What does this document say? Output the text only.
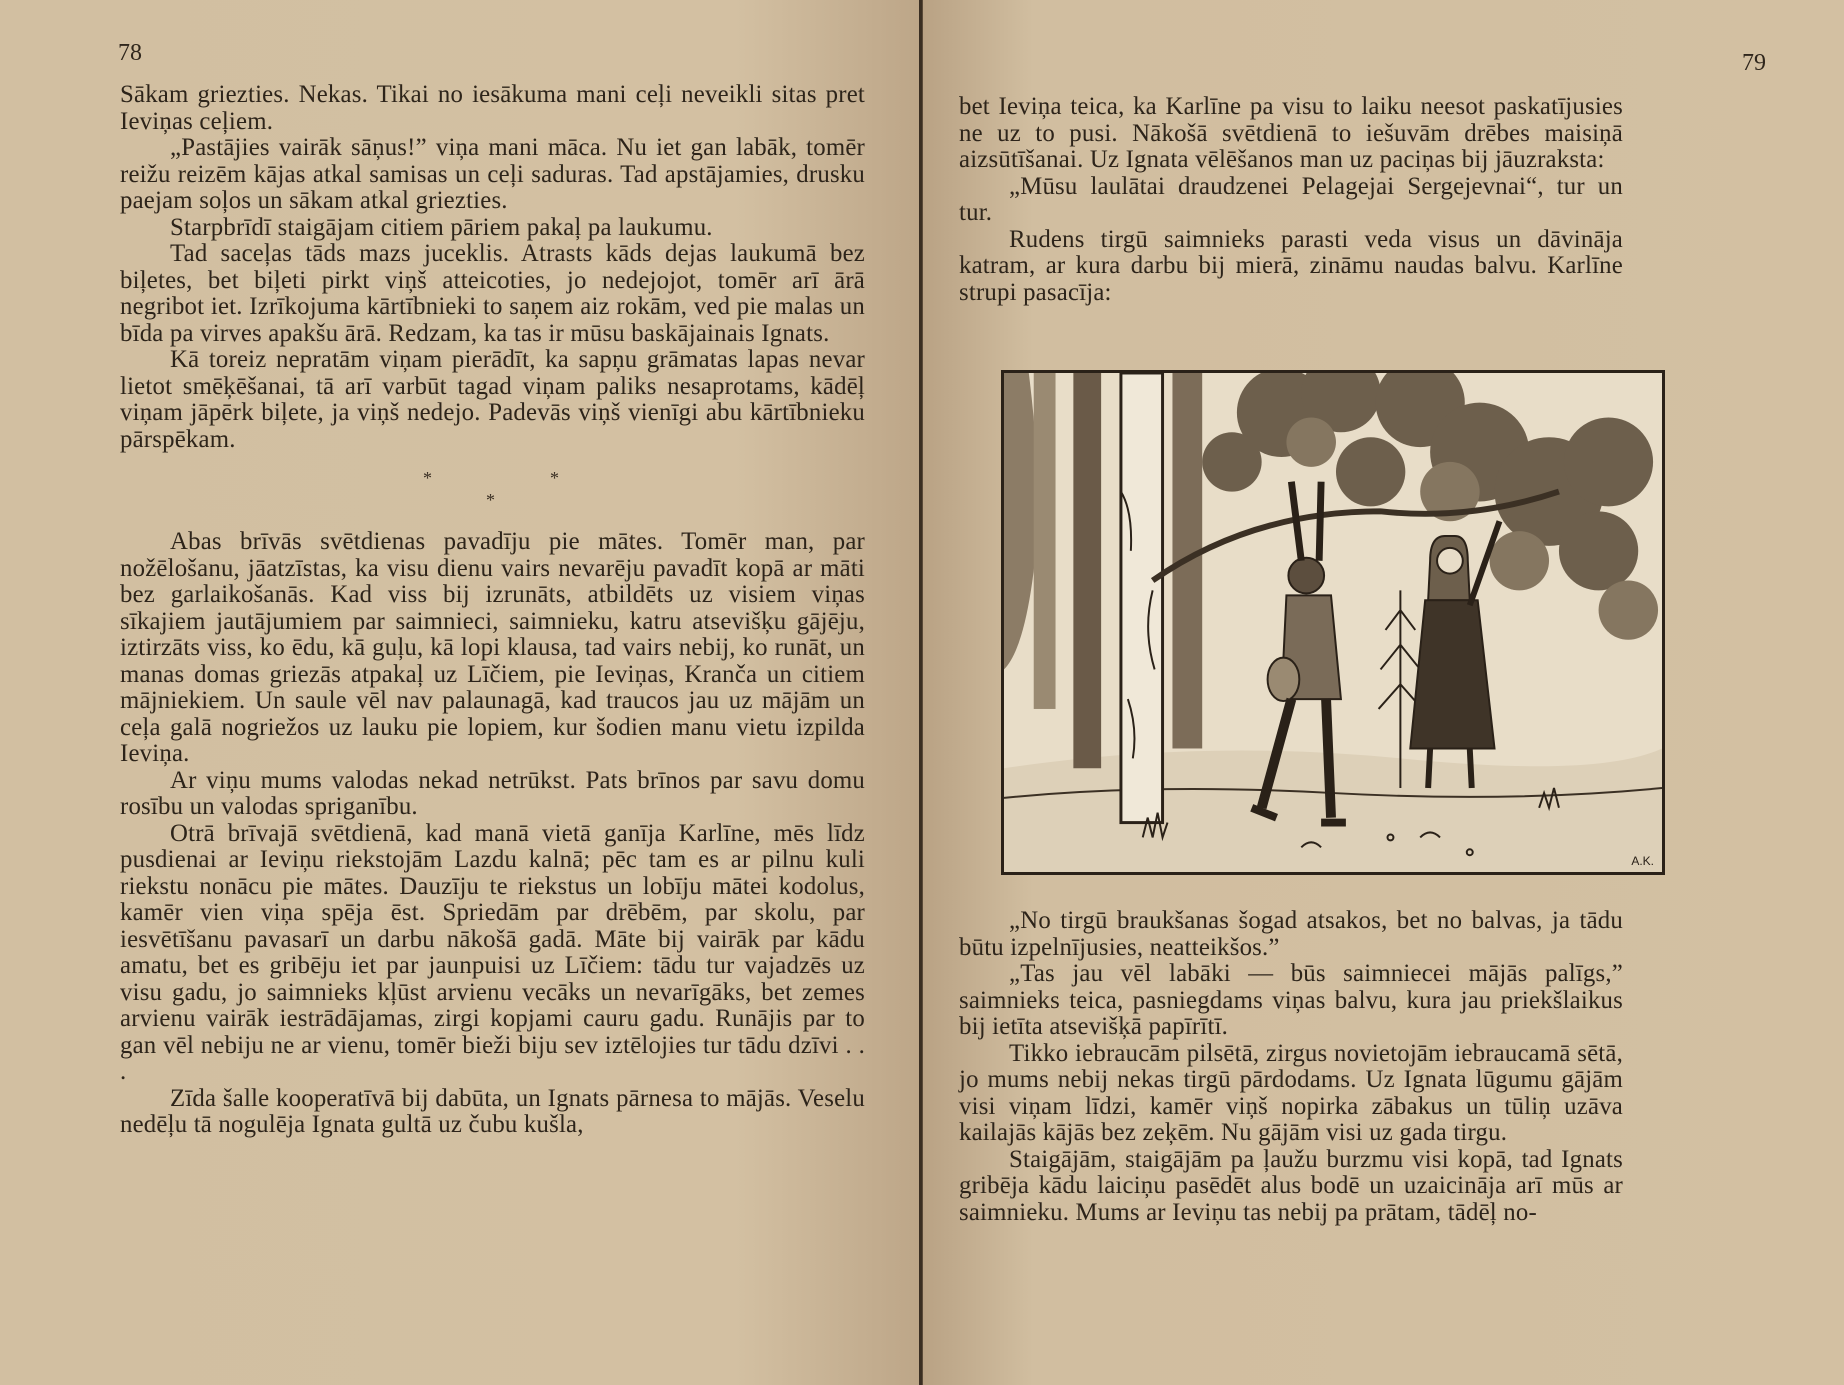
78

Sākam griezties. Nekas. Tikai no iesākuma mani ceļi neveikli sitas pret Ieviņas ceļiem.

„Pastājies vairāk sāņus!” viņa mani māca. Nu iet gan labāk, tomēr reižu reizēm kājas atkal samisas un ceļi saduras. Tad apstājamies, drusku paejam soļos un sākam atkal griezties.

Starpbrīdī staigājam citiem pāriem pakaļ pa laukumu.

Tad saceļas tāds mazs juceklis. Atrasts kāds dejas laukumā bez biļetes, bet biļeti pirkt viņš atteicoties, jo nedejojot, tomēr arī ārā negribot iet. Izrīkojuma kārtībnieki to saņem aiz rokām, ved pie malas un bīda pa virves apakšu ārā. Redzam, ka tas ir mūsu baskājainais Ignats.

Kā toreiz nepratām viņam pierādīt, ka sapņu grāmatas lapas nevar lietot smēķēšanai, tā arī varbūt tagad viņam paliks nesaprotams, kādēļ viņam jāpērk biļete, ja viņš nedejo. Padevās viņš vienīgi abu kārtībnieku pārspēkam.

*	*
*

Abas brīvās svētdienas pavadīju pie mātes. Tomēr man, par nožēlošanu, jāatzīstas, ka visu dienu vairs nevarēju pavadīt kopā ar māti bez garlaikošanās. Kad viss bij izrunāts, atbildēts uz visiem viņas sīkajiem jautājumiem par saimnieci, saimnieku, katru atsevišķu gājēju, iztirzāts viss, ko ēdu, kā guļu, kā lopi klausa, tad vairs nebij, ko runāt, un manas domas griezās atpakaļ uz Līčiem, pie Ieviņas, Krančа un citiem mājniekiem. Un saule vēl nav palaunagā, kad traucos jau uz mājām un ceļa galā nogriežos uz lauku pie lopiem, kur šodien manu vietu izpilda Ieviņa.

Ar viņu mums valodas nekad netrūkst. Pats brīnos par savu domu rosību un valodas spriganību.

Otrā brīvajā svētdienā, kad manā vietā ganīja Karlīne, mēs līdz pusdienai ar Ieviņu riekstojām Lazdu kalnā; pēc tam es ar pilnu kuli riekstu nonācu pie mātes. Dauzīju te riekstus un lobīju mātei kodolus, kamēr vien viņa spēja ēst. Spriedām par drēbēm, par skolu, par iesvētīšanu pavasarī un darbu nākošā gadā. Māte bij vairāk par kādu amatu, bet es gribēju iet par jaunpuisi uz Līčiem: tādu tur vajadzēs uz visu gadu, jo saimnieks kļūst arvienu vecāks un nevarīgāks, bet zemes arvienu vairāk iestrādājamas, zirgi kopjami cauru gadu. Runājis par to gan vēl nebiju ne ar vienu, tomēr bieži biju sev iztēlojies tur tādu dzīvi . . .

Zīda šalle kooperatīvā bij dabūta, un Ignats pārnesa to mājās. Veselu nedēļu tā nogulēja Ignata gultā uz čubu kušla,

79

bet Ieviņa teica, ka Karlīne pa visu to laiku neesot paskatījusies ne uz to pusi. Nākošā svētdienā to iešuvām drēbes maisiņā aizsūtīšanai. Uz Ignata vēlēšanos man uz paciņas bij jāuzraksta:

„Mūsu laulātai draudzenei Pelagejai Sergejevnai“, tur un tur.

Rudens tirgū saimnieks parasti veda visus un dāvināja katram, ar kura darbu bij mierā, zināmu naudas balvu. Karlīne strupi pasacīja:

A.K.

„No tirgū braukšanas šogad atsakos, bet no balvas, ja tādu būtu izpelnījusies, neatteikšos.”

„Tas jau vēl labāki — būs saimniecei mājās palīgs,” saimnieks teica, pasniegdams viņas balvu, kura jau priekšlaikus bij ietīta atsevišķā papīrītī.

Tikko iebraucām pilsētā, zirgus novietojām iebraucamā sētā, jo mums nebij nekas tirgū pārdodams. Uz Ignata lūgumu gājām visi viņam līdzi, kamēr viņš nopirka zābakus un tūliņ uzāva kailajās kājās bez zeķēm. Nu gājām visi uz gada tirgu.

Staigājām, staigājām pa ļaužu burzmu visi kopā, tad Ignats gribēja kādu laiciņu pasēdēt alus bodē un uzaicināja arī mūs ar saimnieku. Mums ar Ieviņu tas nebij pa prātam, tādēļ no-
